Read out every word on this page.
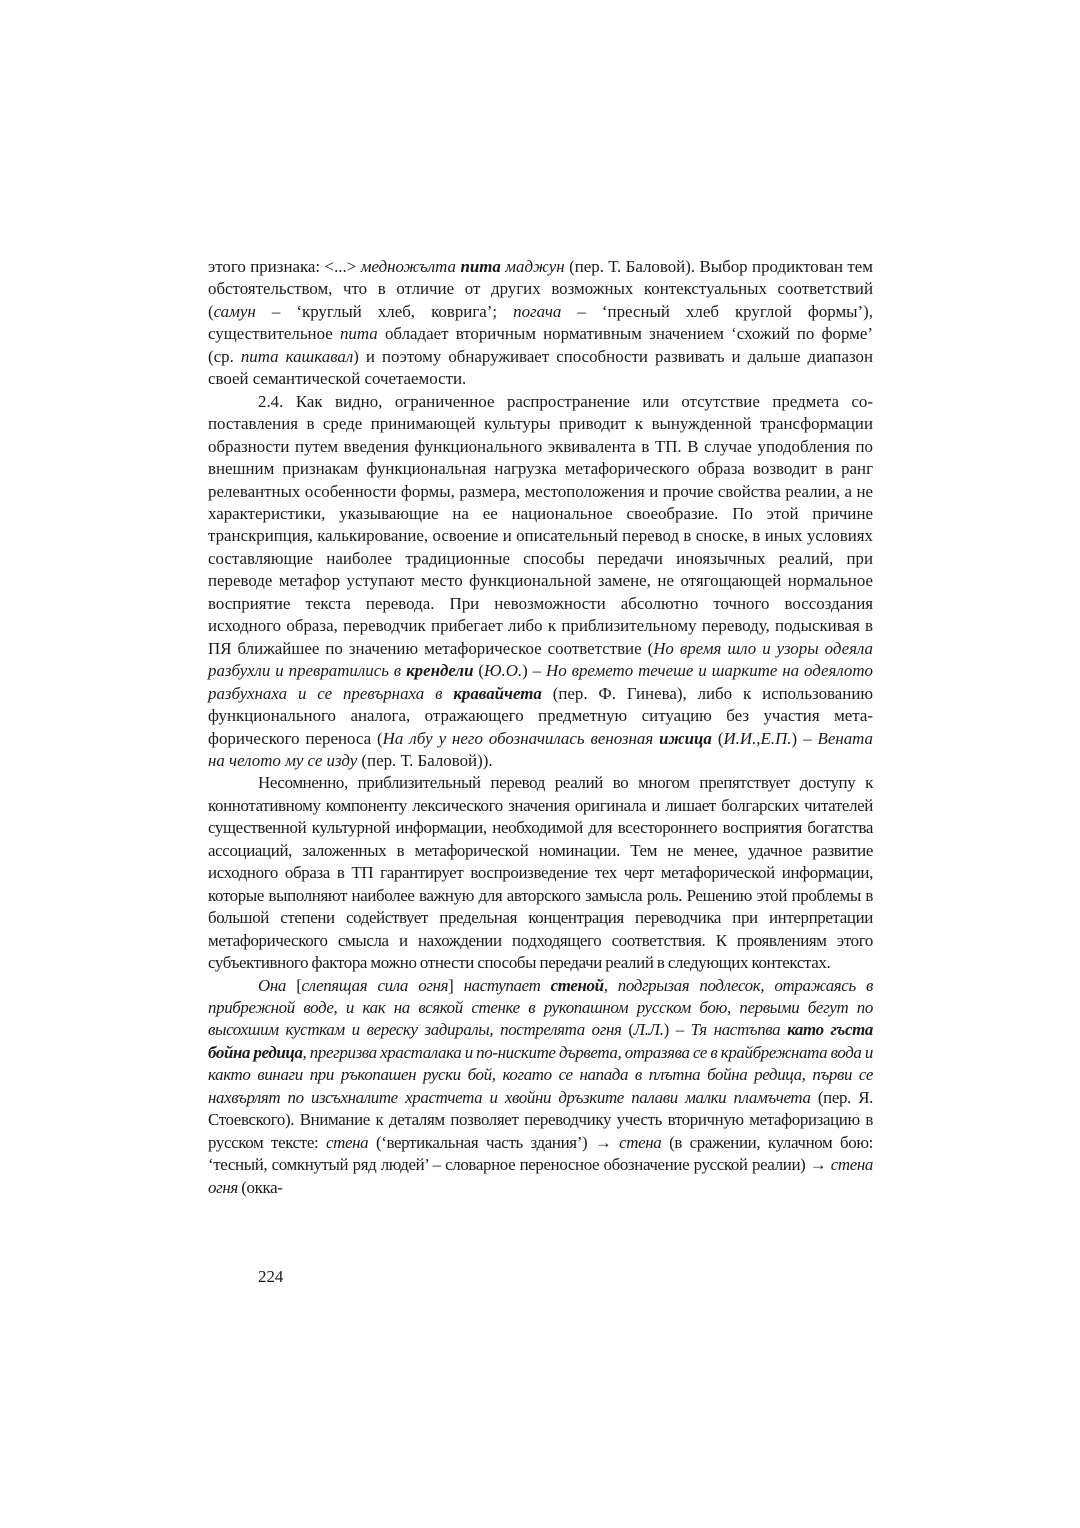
этого признака: <...> медножълта пита маджун (пер. Т. Баловой). Выбор продиктован тем обстоятельством, что в отличие от других возможных контекстуальных соответствий (самун – ‘круглый хлеб, коврига’; погача – ‘пресный хлеб круглой формы’), существительное пита обладает вторичным нормативным значением ‘схожий по форме’ (ср. пита кашкавал) и поэтому обнаруживает способности развивать и дальше диапазон своей семантической сочетаемости.

2.4. Как видно, ограниченное распространение или отсутствие предмета сопоставления в среде принимающей культуры приводит к вынужденной трансформации образности путем введения функционального эквивалента в ТП. В случае уподобления по внешним признакам функциональная нагрузка метафорического образа возводит в ранг релевантных особенности формы, размера, местоположения и прочие свойства реалии, а не характеристики, указывающие на ее национальное своеобразие. По этой причине транскрипция, калькирование, освоение и описательный перевод в сноске, в иных условиях составляющие наиболее традиционные способы передачи иноязычных реалий, при переводе метафор уступают место функциональной замене, не отягощающей нормальное восприятие текста перевода. При невозможности абсолютно точного воссоздания исходного образа, переводчик прибегает либо к приблизительному переводу, подыскивая в ПЯ ближайшее по значению метафорическое соответствие (Но время шло и узоры одеяла разбухли и превратились в крендели (Ю.О.) – Но времето течеше и шарките на одеялото разбухнаха и се превърнаха в кравайчета (пер. Ф. Гинева), либо к использованию функционального аналога, отражающего предметную ситуацию без участия метафорического переноса (На лбу у него обозначилась венозная ижица (И.И.,Е.П.) – Вената на челото му се изду (пер. Т. Баловой)).

Несомненно, приблизительный перевод реалий во многом препятствует доступу к коннотативному компоненту лексического значения оригинала и лишает болгарских читателей существенной культурной информации, необходимой для всестороннего восприятия богатства ассоциаций, заложенных в метафорической номинации. Тем не менее, удачное развитие исходного образа в ТП гарантирует воспроизведение тех черт метафорической информации, которые выполняют наиболее важную для авторского замысла роль. Решению этой проблемы в большой степени содействует предельная концентрация переводчика при интерпретации метафорического смысла и нахождении подходящего соответствия. К проявлениям этого субъективного фактора можно отнести способы передачи реалий в следующих контекстах.

Она [слепящая сила огня] наступает стеной, подгрызая подлесок, отражаясь в прибрежной воде, и как на всякой стенке в рукопашном русском бою, первыми бегут по высохшим кусткам и вереску задиралы, пострелята огня (Л.Л.) – Тя настъпва като гъста бойна редица, прегризва храсталака и по-ниските дървета, отразява се в крайбрежната вода и както винаги при ръкопашен руски бой, когато се напада в плътна бойна редица, първи се нахвърлят по изсъхналите храстчета и хвойни дръзките палави малки пламъчета (пер. Я. Стоевского). Внимание к деталям позволяет переводчику учесть вторичную метафоризацию в русском тексте: стена (‘вертикальная часть здания’) → стена (в сражении, кулачном бою: ‘тесный, сомкнутый ряд людей’ – словарное переносное обозначение русской реалии) → стена огня (окка-

224
